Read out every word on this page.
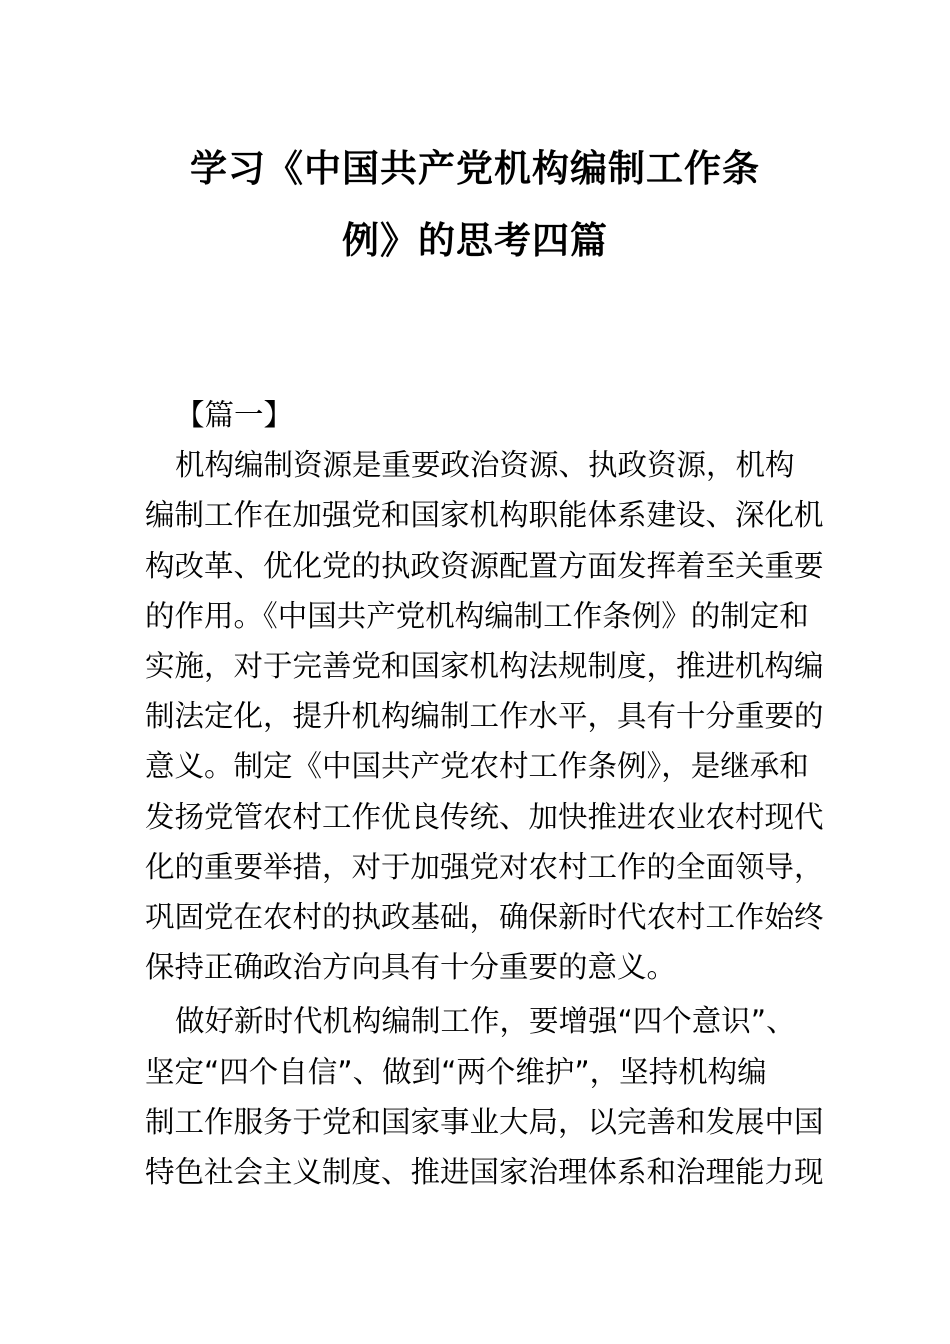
学习《中国共产党机构编制工作条
例》的思考四篇

【篇一】

机构编制资源是重要政治资源、执政资源，机构
编制工作在加强党和国家机构职能体系建设、深化机
构改革、优化党的执政资源配置方面发挥着至关重要
的作用。《中国共产党机构编制工作条例》的制定和
实施，对于完善党和国家机构法规制度，推进机构编
制法定化，提升机构编制工作水平，具有十分重要的
意义。制定《中国共产党农村工作条例》，是继承和
发扬党管农村工作优良传统、加快推进农业农村现代
化的重要举措，对于加强党对农村工作的全面领导，
巩固党在农村的执政基础，确保新时代农村工作始终
保持正确政治方向具有十分重要的意义。
做好新时代机构编制工作，要增强“四个意识”、
坚定“四个自信”、做到“两个维护”，坚持机构编
制工作服务于党和国家事业大局，以完善和发展中国
特色社会主义制度、推进国家治理体系和治理能力现
